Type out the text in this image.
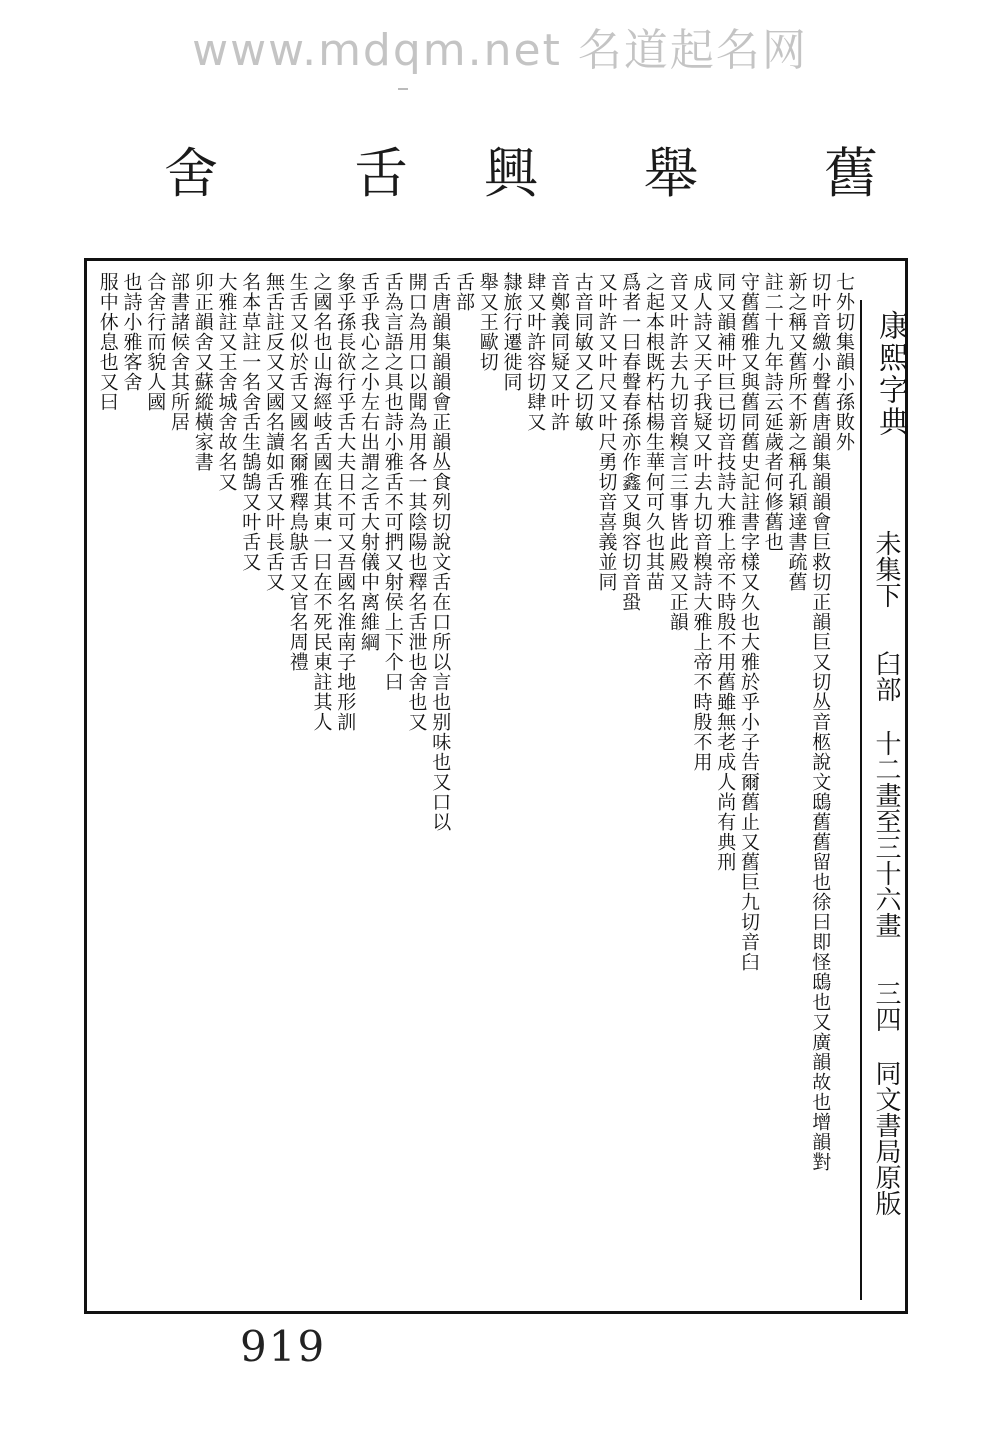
www.mdqm.net 名道起名网
舊
舉
興
舌
舍
康熙字典
未集下
臼部
十二畫至三十六畫
三四
同文書局原版
七外切集韻小孫敗外
切叶音繳小聲舊唐韻集韻韻會巨救切正韻巨又切丛音柩說文鴟舊舊留也徐曰即怪鴟也又廣韻故也增韻對
新之稱又舊所不新之稱孔穎達書疏舊
註二十九年詩云延歲者何修舊也
守舊舊雅又與舊同舊史記註書字樣又久也大雅於乎小子告爾舊止又舊巨九切音臼
同又韻補叶巨已切音技詩大雅上帝不時殷不用舊雖無老成人尚有典刑
成人詩又天子我疑又叶去九切音糗詩大雅上帝不時殷不用
音又叶許去九切音糗言三事皆此殿又正韻
之起本根既朽枯楊生華何可久也其苗
爲者一曰春聲春孫亦作鑫又與容切音蛩
又叶許又叶尺又叶尺勇切音喜義並同
古音同敏又乙切敏
音鄭義同疑又叶許
肆又叶許容切肆又
隸旅行遷徙同
舉又王歐切
舌部
舌唐韻集韻韻會正韻丛食列切說文舌在口所以言也别味也又口以
開口為用口以聞為用各一其陰陽也釋名舌泄也舍也又
舌為言語之具也詩小雅舌不可捫又射侯上下个曰
舌乎我心之小左右出謂之舌大射儀中离維綱
象乎孫長欲行乎舌大夫日不可又吾國名淮南子地形訓
之國名也山海經岐舌國在其東一曰在不死民東註其人
生舌又似於舌又國名爾雅釋鳥鴃舌又官名周禮
無舌註反又又國名讀如舌又叶長舌又
名本草註一名舍舌生鵠鵠又叶舌又
大雅註又王舍城舍故名又
卯正韻舍又蘇縱橫家書
部書諸候舍其所居
合舍行而貌人國
也詩小雅客舍
服中休息也又曰
919
